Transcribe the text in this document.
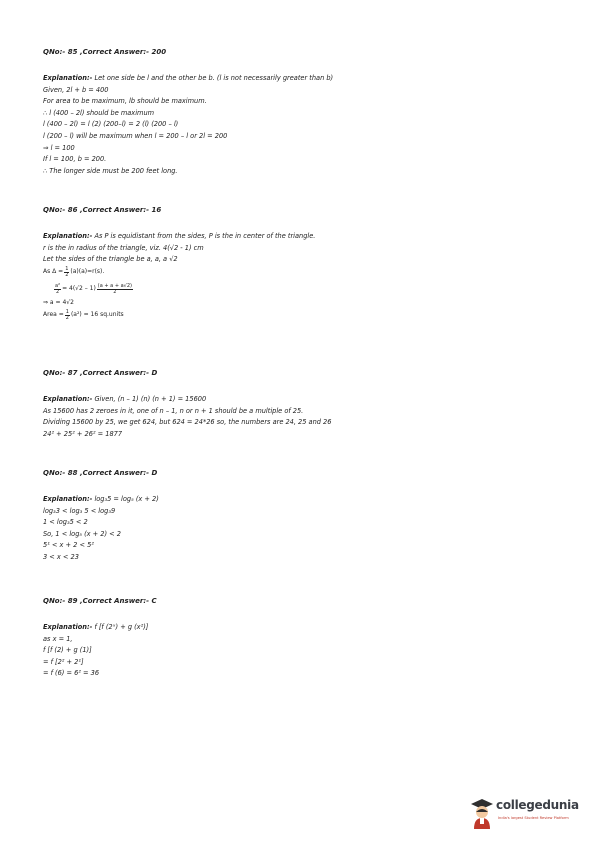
QNo:- 85 ,Correct Answer:- 200
Explanation:- Let one side be l and the other be b. (l is not necessarily greater than b)
Given, 2l + b = 400
For area to be maximum, lb should be maximum.
∴ l (400 – 2l) should be maximum
l (400 – 2l) = l (2) (200–l) = 2 (l) (200 – l)
l (200 – l) will be maximum when l = 200 – l or 2l = 200
⇒ l = 100
If l = 100, b = 200.
∴ The longer side must be 200 feet long.
QNo:- 86 ,Correct Answer:- 16
Explanation:- As P is equidistant from the sides, P is the in center of the triangle.
r is the in radius of the triangle, viz. 4(√2 - 1) cm
Let the sides of the triangle be a, a, a √2
As $\Delta = \frac{1}{2} (a)(a)=r(s)$.
$\frac{\text{a²}}{2} = 4(√2 - 1) \frac{(a + a + a√2)}{2}$
⇒ a = 4√2
Area = $\frac{1}{2} (a^2) = 16$ sq.units
QNo:- 87 ,Correct Answer:- D
Explanation:- Given, (n – 1) (n) (n + 1) = 15600
As 15600 has 2 zeroes in it, one of n – 1, n or n + 1 should be a multiple of 25.
Dividing 15600 by 25, we get 624, but 624 = 24*26 so, the numbers are 24, 25 and 26
24² + 25² + 26² = 1877
QNo:- 88 ,Correct Answer:- D
Explanation:- log₃5 = log₅ (x + 2)
log₃3 < log₃ 5 < log₃9
1 < log₃5 < 2
So, 1 < log₅ (x + 2) < 2
5¹ < x + 2 < 5²
3 < x < 23
QNo:- 89 ,Correct Answer:- C
Explanation:- f [f (2ˣ) + g (x²)]
as x = 1,
f [f (2) + g (1)]
= f [2² + 2¹]
= f (6) = 6² = 36
collegedunia
India's largest Student Review Platform
